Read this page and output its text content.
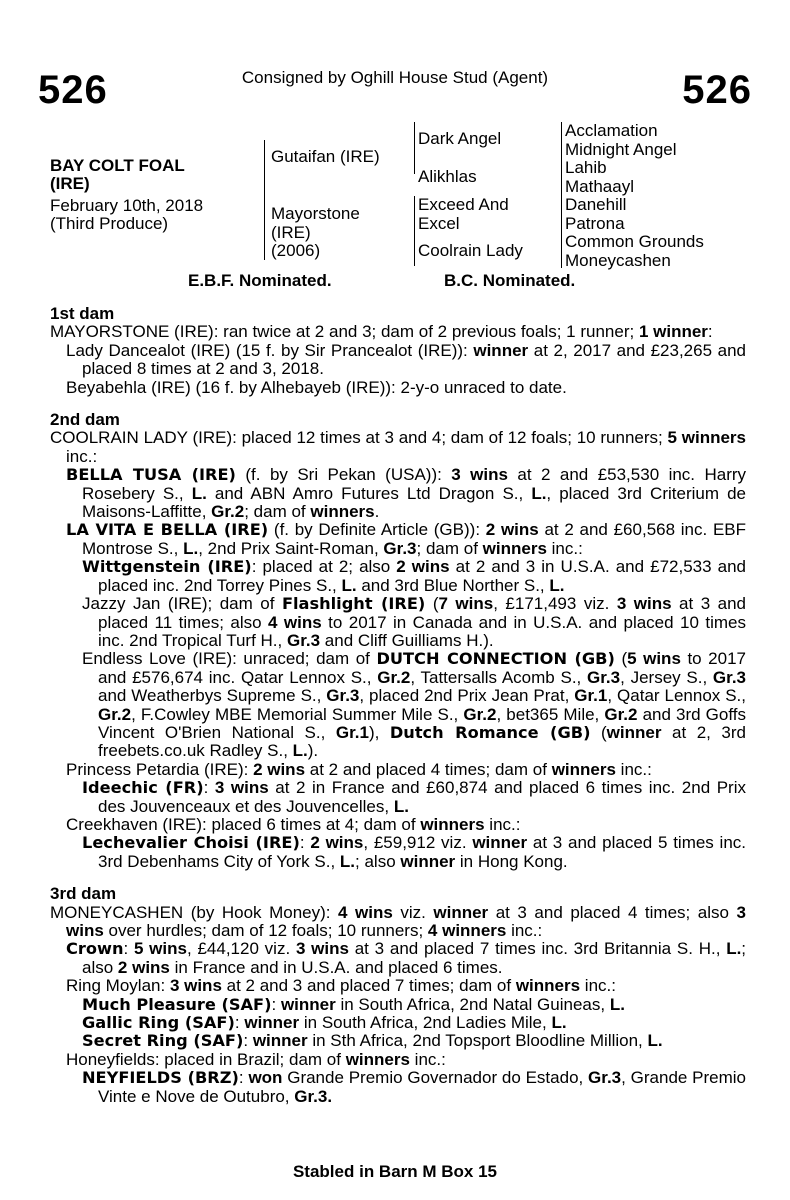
526	526
Consigned by Oghill House Stud (Agent)
BAY COLT FOAL
(IRE)
February 10th, 2018
(Third Produce)
Gutaifan (IRE)
Mayorstone
(IRE)
(2006)
Dark Angel
Alikhlas
Exceed And
Excel
Coolrain Lady
Acclamation
Midnight Angel
Lahib
Mathaayl
Danehill
Patrona
Common Grounds
Moneycashen
E.B.F. Nominated.	B.C. Nominated.

1st dam

MAYORSTONE (IRE): ran twice at 2 and 3; dam of 2 previous foals; 1 runner; 1 winner:

Lady Dancealot (IRE) (15 f. by Sir Prancealot (IRE)): winner at 2, 2017 and £23,265 and placed 8 times at 2 and 3, 2018.

Beyabehla (IRE) (16 f. by Alhebayeb (IRE)): 2-y-o unraced to date.

2nd dam

COOLRAIN LADY (IRE): placed 12 times at 3 and 4; dam of 12 foals; 10 runners; 5 winners inc.:

BELLA TUSA (IRE) (f. by Sri Pekan (USA)): 3 wins at 2 and £53,530 inc. Harry Rosebery S., L. and ABN Amro Futures Ltd Dragon S., L., placed 3rd Criterium de Maisons-Laffitte, Gr.2; dam of winners.

LA VITA E BELLA (IRE) (f. by Definite Article (GB)): 2 wins at 2 and £60,568 inc. EBF Montrose S., L., 2nd Prix Saint-Roman, Gr.3; dam of winners inc.:

Wittgenstein (IRE): placed at 2; also 2 wins at 2 and 3 in U.S.A. and £72,533 and placed inc. 2nd Torrey Pines S., L. and 3rd Blue Norther S., L.

Jazzy Jan (IRE); dam of Flashlight (IRE) (7 wins, £171,493 viz. 3 wins at 3 and placed 11 times; also 4 wins to 2017 in Canada and in U.S.A. and placed 10 times inc. 2nd Tropical Turf H., Gr.3 and Cliff Guilliams H.).

Endless Love (IRE): unraced; dam of DUTCH CONNECTION (GB) (5 wins to 2017 and £576,674 inc. Qatar Lennox S., Gr.2, Tattersalls Acomb S., Gr.3, Jersey S., Gr.3 and Weatherbys Supreme S., Gr.3, placed 2nd Prix Jean Prat, Gr.1, Qatar Lennox S., Gr.2, F.Cowley MBE Memorial Summer Mile S., Gr.2, bet365 Mile, Gr.2 and 3rd Goffs Vincent O'Brien National S., Gr.1), Dutch Romance (GB) (winner at 2, 3rd freebets.co.uk Radley S., L.).

Princess Petardia (IRE): 2 wins at 2 and placed 4 times; dam of winners inc.:

Ideechic (FR): 3 wins at 2 in France and £60,874 and placed 6 times inc. 2nd Prix des Jouvenceaux et des Jouvencelles, L.

Creekhaven (IRE): placed 6 times at 4; dam of winners inc.:

Lechevalier Choisi (IRE): 2 wins, £59,912 viz. winner at 3 and placed 5 times inc. 3rd Debenhams City of York S., L.; also winner in Hong Kong.

3rd dam

MONEYCASHEN (by Hook Money): 4 wins viz. winner at 3 and placed 4 times; also 3 wins over hurdles; dam of 12 foals; 10 runners; 4 winners inc.:

Crown: 5 wins, £44,120 viz. 3 wins at 3 and placed 7 times inc. 3rd Britannia S. H., L.; also 2 wins in France and in U.S.A. and placed 6 times.

Ring Moylan: 3 wins at 2 and 3 and placed 7 times; dam of winners inc.:

Much Pleasure (SAF): winner in South Africa, 2nd Natal Guineas, L.

Gallic Ring (SAF): winner in South Africa, 2nd Ladies Mile, L.

Secret Ring (SAF): winner in Sth Africa, 2nd Topsport Bloodline Million, L.

Honeyfields: placed in Brazil; dam of winners inc.:

NEYFIELDS (BRZ): won Grande Premio Governador do Estado, Gr.3, Grande Premio Vinte e Nove de Outubro, Gr.3.

Stabled in Barn M Box 15
